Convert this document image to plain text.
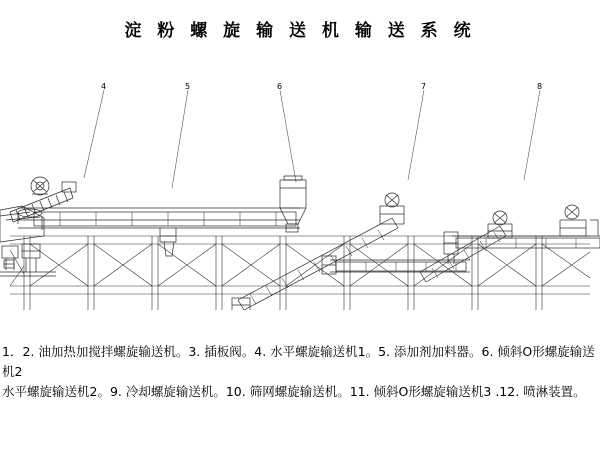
淀 粉 螺 旋 输 送 机 输 送 系 统
4	5	6	7	8
1．2. 油加热加搅拌螺旋输送机。3. 插板阀。4. 水平螺旋输送机1。5. 添加剂加料器。6. 倾斜O形螺旋输送机2
水平螺旋输送机2。9. 冷却螺旋输送机。10. 筛网螺旋输送机。11. 倾斜O形螺旋输送机3 .12. 喷淋装置。
